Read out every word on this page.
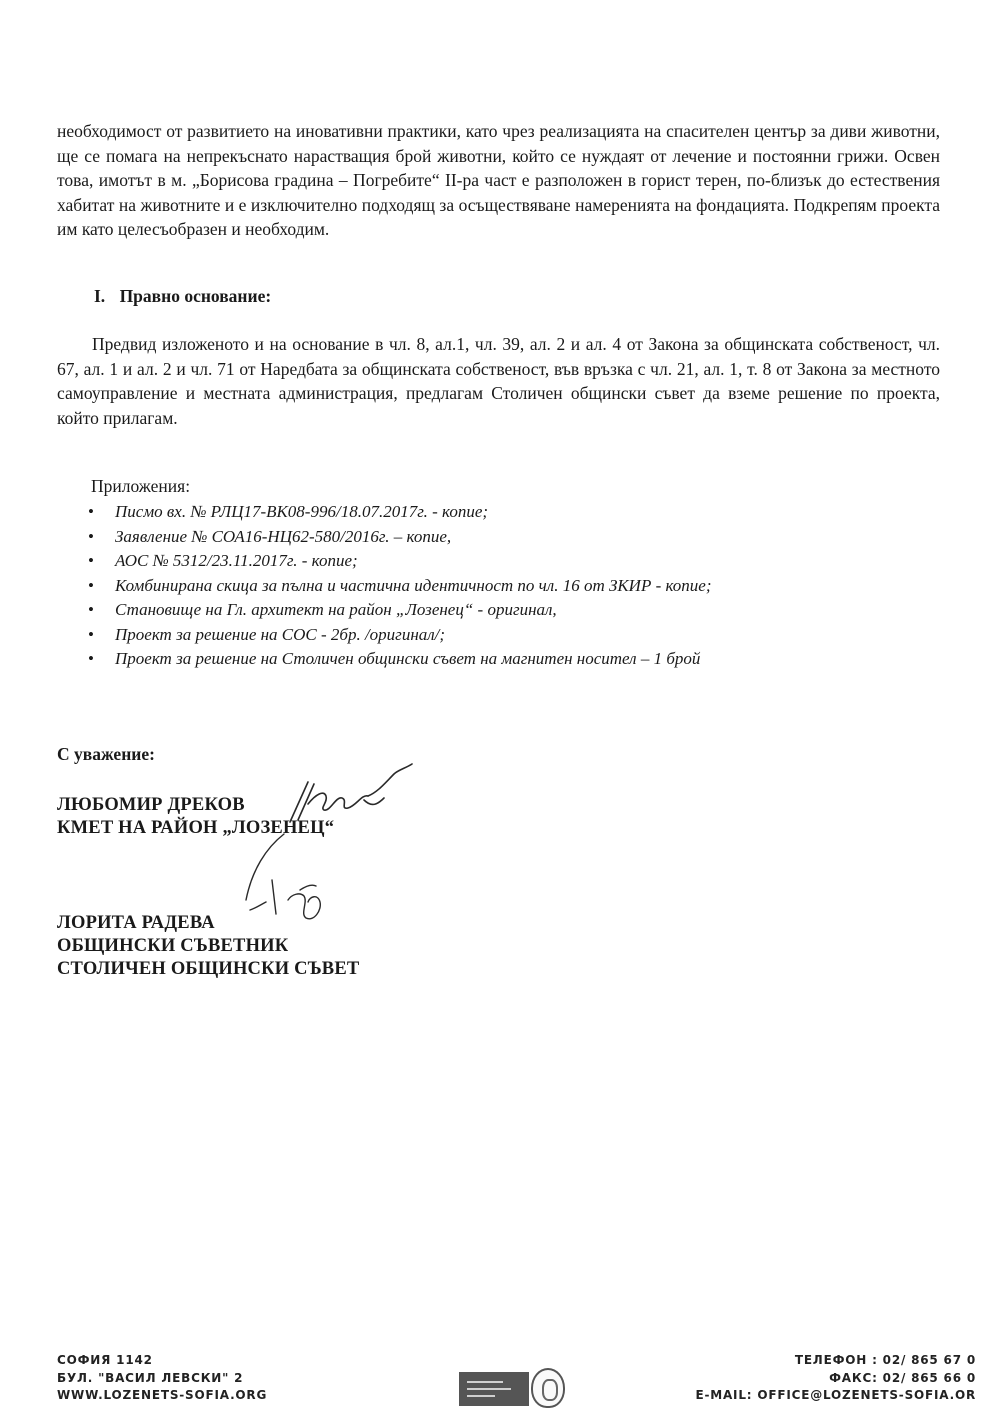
необходимост от развитието на иновативни практики, като чрез реализацията на спасителен център за диви животни, ще се помага на непрекъснато нарастващия брой животни, който се нуждаят от лечение и постоянни грижи. Освен това, имотът в м. „Борисова градина – Погребите“ II-ра част е разположен в горист терен, по-близък до естествения хабитат на животните и е изключително подходящ за осъществяване намеренията на фондацията. Подкрепям проекта им като целесъобразен и необходим.

I. Правно основание:

Предвид изложеното и на основание в чл. 8, ал.1, чл. 39, ал. 2 и ал. 4 от Закона за общинската собственост, чл. 67, ал. 1 и ал. 2 и чл. 71 от Наредбата за общинската собственост, във връзка с чл. 21, ал. 1, т. 8 от Закона за местното самоуправление и местната администрация, предлагам Столичен общински съвет да вземе решение по проекта, който прилагам.

Приложения:

• Писмо вх. № РЛЦ17-ВК08-996/18.07.2017г. - копие;
• Заявление № СОА16-НЦ62-580/2016г. – копие,
• АОС № 5312/23.11.2017г. - копие;
• Комбинирана скица за пълна и частична идентичност по чл. 16 от ЗКИР - копие;
• Становище на Гл. архитект на район „Лозенец“ - оригинал,
• Проект за решение на СОС - 2бр. /оригинал/;
• Проект за решение на Столичен общински съвет на магнитен носител – 1 брой

С уважение:

ЛЮБОМИР ДРЕКОВ
КМЕТ НА РАЙОН „ЛОЗЕНЕЦ“
ЛОРИТА РАДЕВА
ОБЩИНСКИ СЪВЕТНИК
СТОЛИЧЕН ОБЩИНСКИ СЪВЕТ
СОФИЯ 1142
БУЛ. "ВАСИЛ ЛЕВСКИ" 2
WWW.LOZENETS-SOFIA.ORG
ТЕЛЕФОН : 02/ 865 67 0
ФАКС: 02/ 865 66 0
E-MAIL: OFFICE@LOZENETS-SOFIA.OR
